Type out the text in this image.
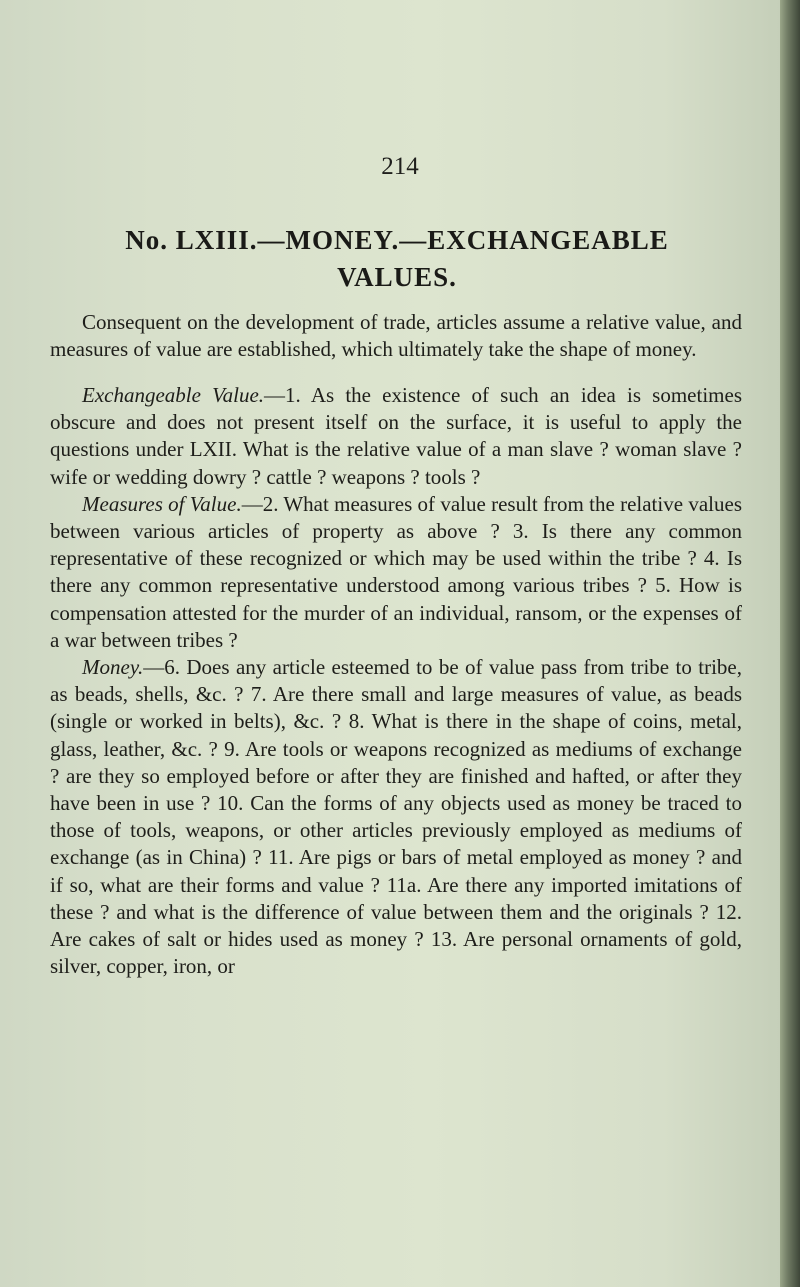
214
No. LXIII.—MONEY.—EXCHANGEABLE
VALUES.

Consequent on the development of trade, articles assume a relative value, and measures of value are established, which ultimately take the shape of money.

Exchangeable Value.—1. As the existence of such an idea is sometimes obscure and does not present itself on the surface, it is useful to apply the questions under LXII. What is the relative value of a man slave ? woman slave ? wife or wedding dowry ? cattle ? weapons ? tools ?

Measures of Value.—2. What measures of value result from the relative values between various articles of property as above ? 3. Is there any common representative of these recognized or which may be used within the tribe ? 4. Is there any common representative understood among various tribes ? 5. How is compensation attested for the murder of an individual, ransom, or the expenses of a war between tribes ?

Money.—6. Does any article esteemed to be of value pass from tribe to tribe, as beads, shells, &c. ? 7. Are there small and large measures of value, as beads (single or worked in belts), &c. ? 8. What is there in the shape of coins, metal, glass, leather, &c. ? 9. Are tools or weapons recognized as mediums of exchange ? are they so employed before or after they are finished and hafted, or after they have been in use ? 10. Can the forms of any objects used as money be traced to those of tools, weapons, or other articles previously employed as mediums of exchange (as in China) ? 11. Are pigs or bars of metal employed as money ? and if so, what are their forms and value ? 11a. Are there any imported imitations of these ? and what is the difference of value between them and the originals ? 12. Are cakes of salt or hides used as money ? 13. Are personal ornaments of gold, silver, copper, iron, or
